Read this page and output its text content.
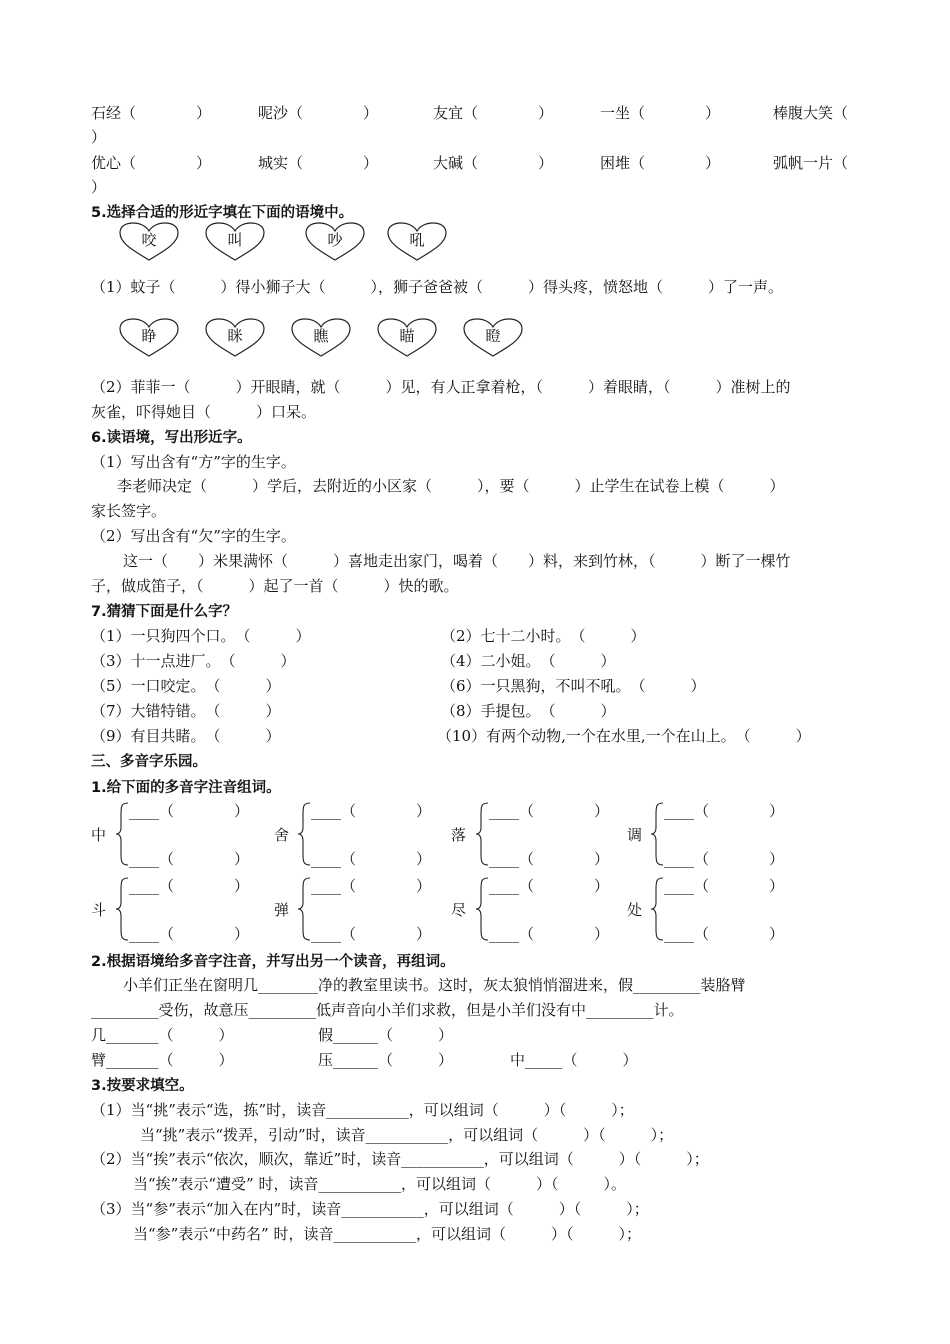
石经（　　　　）	呢沙（　　　　）	友宜（　　　　）	一坐（　　　　）	棒腹大笑（
）
优心（　　　　）	城实（　　　　）	大碱（　　　　）	困堆（　　　　）	弧帆一片（
）
5.选择合适的形近字填在下面的语境中。
咬	叫	吵	吼
（1）蚊子（　　　）得小狮子大（　　　），狮子爸爸被（　　　）得头疼，愤怒地（　　　）了一声。
睁	眯	瞧	瞄	瞪
（2）菲菲一（　　　）开眼睛，就（　　　）见，有人正拿着枪，（　　　）着眼睛，（　　　）准树上的
灰雀，吓得她目（　　　）口呆。
6.读语境，写出形近字。
（1）写出含有“方”字的生字。
李老师决定（　　　）学后，去附近的小区家（　　　），要（　　　）止学生在试卷上模（　　　）
家长签字。
（2）写出含有“欠”字的生字。
这一（　　）米果满怀（　　　）喜地走出家门，喝着（　　）料，来到竹林，（　　　）断了一棵竹
子，做成笛子，（　　　）起了一首（　　　）快的歌。
7.猜猜下面是什么字？
（1）一只狗四个口。　（　　　）	（2）七十二小时。　（　　　）
（3）十一点进厂。　（　　　）	（4）二小姐。　（　　　）
（5）一口咬定。　（　　　）	（6）一只黑狗，不叫不吼。　（　　　）
（7）大错特错。　（　　　）	（8）手提包。　（　　　）
（9）有目共睹。　（　　　）	（10）有两个动物,一个在水里,一个在山上。　（　　　）
三、多音字乐园。
1.给下面的多音字注音组词。
中
____（　　　　）
____（　　　　）
舍
____（　　　　）
____（　　　　）
落
____（　　　　）
____（　　　　）
调
____（　　　　）
____（　　　　）
斗
____（　　　　）
____（　　　　）
弹
____（　　　　）
____（　　　　）
尽
____（　　　　）
____（　　　　）
处
____（　　　　）
____（　　　　）
2.根据语境给多音字注音，并写出另一个读音，再组词。
小羊们正坐在窗明几________净的教室里读书。这时，灰太狼悄悄溜进来，假_________装胳臂
_________受伤，故意压_________低声音向小羊们求救，但是小羊们没有中_________计。
几_______（　　　）	假______（　　　）
臂_______（　　　）	压______（　　　）	中_____（　　　）
3.按要求填空。
（1）当“挑”表示“选，拣”时，读音___________，可以组词（　　　）（　　　）；
当“挑”表示“拨弄，引动”时，读音___________，可以组词（　　　）（　　　）；
（2）当“挨”表示“依次，顺次，靠近”时，读音___________，可以组词（　　　）（　　　）；
当“挨”表示“遭受” 时，读音___________，可以组词（　　　）（　　　）。
（3）当“参”表示“加入在内”时，读音___________，可以组词（　　　）（　　　）；
当“参”表示“中药名” 时，读音___________，可以组词（　　　）（　　　）；
